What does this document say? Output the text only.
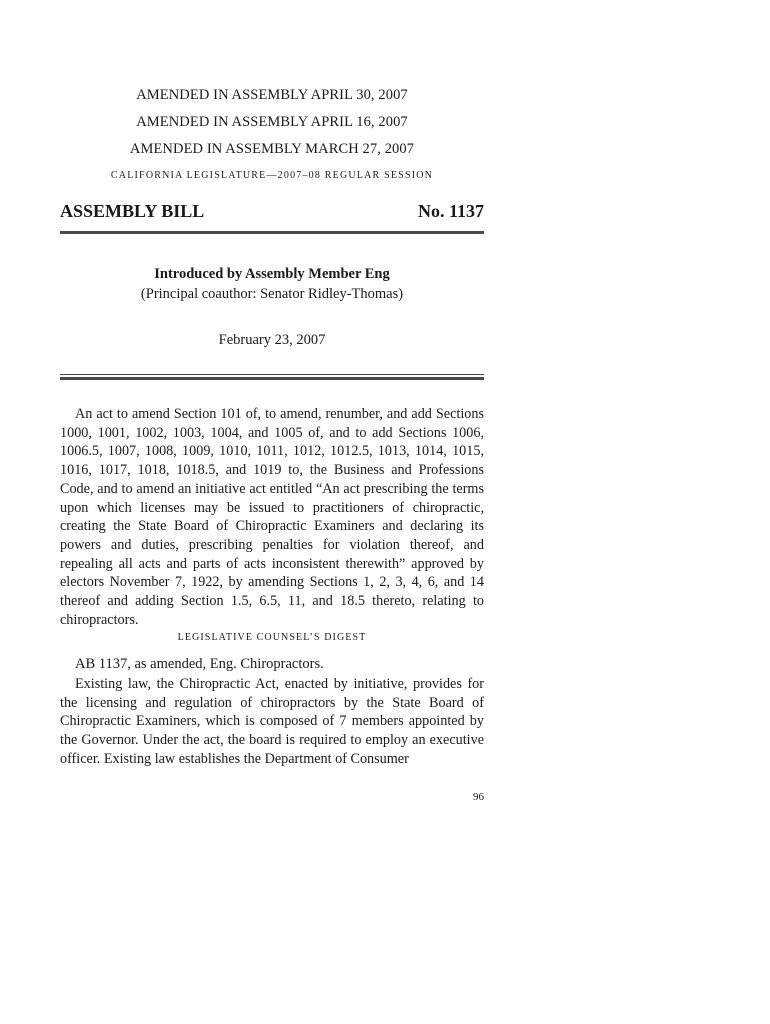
AMENDED IN ASSEMBLY APRIL 30, 2007
AMENDED IN ASSEMBLY APRIL 16, 2007
AMENDED IN ASSEMBLY MARCH 27, 2007
CALIFORNIA LEGISLATURE—2007–08 REGULAR SESSION
ASSEMBLY BILL	No. 1137
Introduced by Assembly Member Eng
(Principal coauthor: Senator Ridley-Thomas)
February 23, 2007
An act to amend Section 101 of, to amend, renumber, and add Sections 1000, 1001, 1002, 1003, 1004, and 1005 of, and to add Sections 1006, 1006.5, 1007, 1008, 1009, 1010, 1011, 1012, 1012.5, 1013, 1014, 1015, 1016, 1017, 1018, 1018.5, and 1019 to, the Business and Professions Code, and to amend an initiative act entitled “An act prescribing the terms upon which licenses may be issued to practitioners of chiropractic, creating the State Board of Chiropractic Examiners and declaring its powers and duties, prescribing penalties for violation thereof, and repealing all acts and parts of acts inconsistent therewith” approved by electors November 7, 1922, by amending Sections 1, 2, 3, 4, 6, and 14 thereof and adding Section 1.5, 6.5, 11, and 18.5 thereto, relating to chiropractors.
LEGISLATIVE COUNSEL’S DIGEST
AB 1137, as amended, Eng. Chiropractors.
Existing law, the Chiropractic Act, enacted by initiative, provides for the licensing and regulation of chiropractors by the State Board of Chiropractic Examiners, which is composed of 7 members appointed by the Governor. Under the act, the board is required to employ an executive officer. Existing law establishes the Department of Consumer
96
